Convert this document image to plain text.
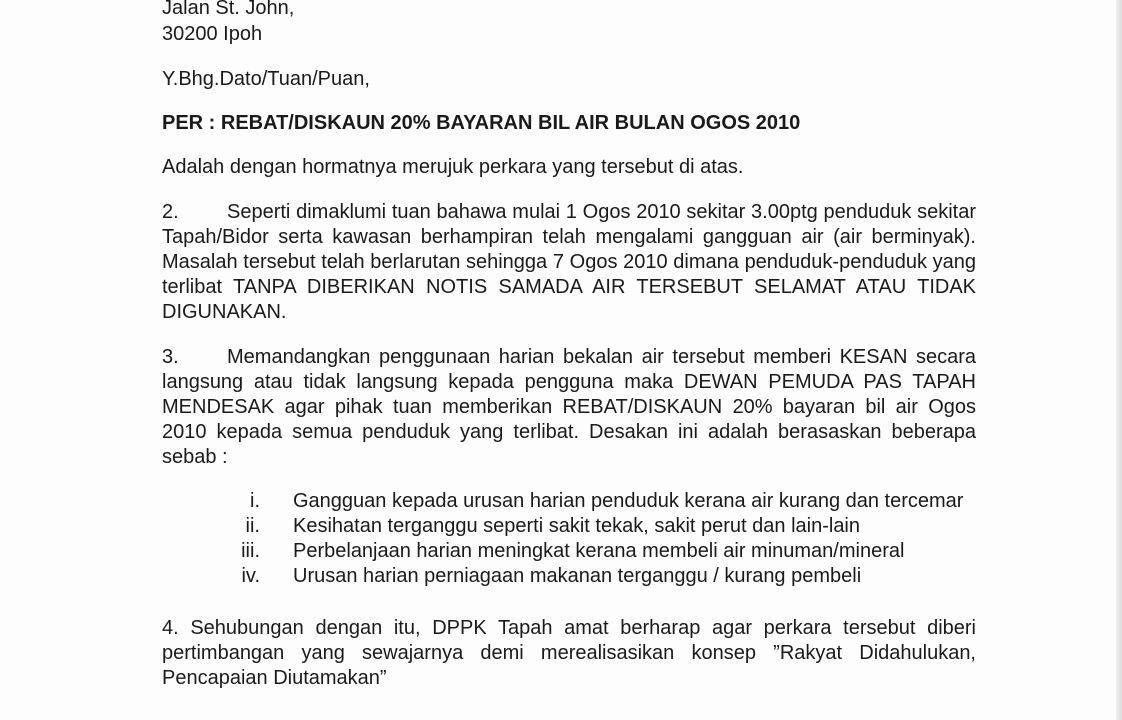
Jalan St. John,
30200 Ipoh
Y.Bhg.Dato/Tuan/Puan,
PER : REBAT/DISKAUN 20% BAYARAN BIL AIR BULAN OGOS 2010
Adalah dengan hormatnya merujuk perkara yang tersebut di atas.
2. Seperti dimaklumi tuan bahawa mulai 1 Ogos 2010 sekitar 3.00ptg penduduk sekitar Tapah/Bidor serta kawasan berhampiran telah mengalami gangguan air (air berminyak). Masalah tersebut telah berlarutan sehingga 7 Ogos 2010 dimana penduduk-penduduk yang terlibat TANPA DIBERIKAN NOTIS SAMADA AIR TERSEBUT SELAMAT ATAU TIDAK DIGUNAKAN.
3. Memandangkan penggunaan harian bekalan air tersebut memberi KESAN secara langsung atau tidak langsung kepada pengguna maka DEWAN PEMUDA PAS TAPAH MENDESAK agar pihak tuan memberikan REBAT/DISKAUN 20% bayaran bil air Ogos 2010 kepada semua penduduk yang terlibat. Desakan ini adalah berasaskan beberapa sebab :
i. Gangguan kepada urusan harian penduduk kerana air kurang dan tercemar
ii. Kesihatan terganggu seperti sakit tekak, sakit perut dan lain-lain
iii. Perbelanjaan harian meningkat kerana membeli air minuman/mineral
iv. Urusan harian perniagaan makanan terganggu / kurang pembeli
4. Sehubungan dengan itu, DPPK Tapah amat berharap agar perkara tersebut diberi pertimbangan yang sewajarnya demi merealisasikan konsep ”Rakyat Didahulukan, Pencapaian Diutamakan”
